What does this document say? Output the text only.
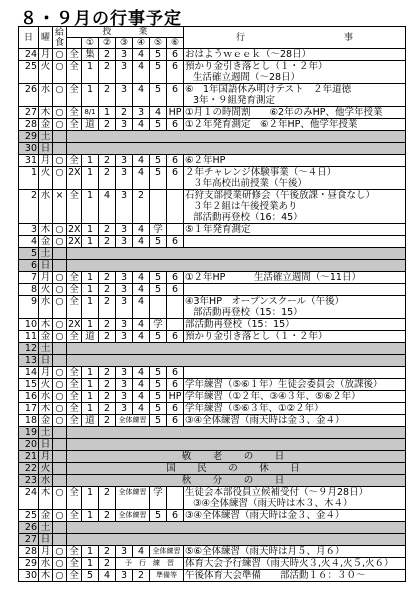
８・９月の行事予定
日	曜	給
食	授　　　業							行　　　　　　　　　　　事
				①	②	③	④	⑤	⑥	
24	月	○	全	集	2	3	4	5	6	おはようｗｅｅｋ（〜28日）

25	火	○	全	1	2	3	4	5	6	預かり金引き落とし（１・２年）
生活確立週間（〜28日）

26	水	○	全	1	2	3	4	5	6	⑥　1年国語休み明けテスト　２年道徳
3年・９組発育測定

27	木	○	全	8/1	1	2	3	4	HP	①月１の時間割　　⑥2年のみHP、他学年授業

28	金	○	全	道	2	3	4	5	6	①２年発育測定　⑥２年HP、他学年授業

29	土									
30	日									
31	月	○	全	1	2	3	4	5	6	⑥２年HP

1	火	○	2X	1	2	3	4	5	6	２年チャレンジ体験事業（〜４日）
３年高校出前授業（午後）

2	水	×	全	1	4	3	2			石狩支部授業研修会（午後放課・昼食なし）
３年２組は午後授業あり
部活動再登校（16：45）

3	木	○	2X	1	2	3	4	学		⑤１年発育測定

4	金	○	2X	1	2	3	4	5	6	

5	土									
6	日									
7	月	○	全	1	2	3	4	5	6	①２年HP　　　生活確立週間（〜11日）

8	火	○	全	1	2	3	4	5	6	

9	水	○	全	1	2	3	4			④3年HP　オープンスクール（午後）
部活動再登校（15：15）

10	木	○	2X	1	2	3	4	学		部活動再登校（15：15）

11	金	○	全	道	2	3	4	5	6	預かり金引き落とし（１・２年）

12	土									
13	日									
14	月	○	全	1	2	3	4	5	6	

15	火	○	全	1	2	3	4	5	6	学年練習（⑤⑥１年）生徒会委員会（放課後）

16	水	○	全	1	2	3	4	5	HP	学年練習（①２年、③④３年、⑤⑥２年）

17	木	○	全	1	2	3	4	5	6	学年練習（⑤⑥３年、①②２年）

18	金	○	全	道	2	全体練習		5	6	③④全体練習（雨天時は金３、金４）

19	土									
20	日									
21	月		敬　老　の　日							
22	火		国　民　の　休　日							
23	水		秋　分　の　日							
24	木	○	全	1	2	全体練習		学		生徒会本部役員立候補受付（〜９月28日）
③④全体練習（雨天時は木３、木４）

25	金	○	全	1	2	全体練習		5	6	③④全体練習（雨天時は金３、金４）

26	土									
27	日									
28	月	○	全	1	2	3	4	全体練習		⑤⑥全体練習（雨天時は月５、月６）

29	水	○	全	1	2	予　行　練　習				体育大会予行練習（雨天時火３,火４,火５,火６）

30	木	○	全	5	4	3	2	準備等		午後体育大会準備　　部活動１６：３０〜
